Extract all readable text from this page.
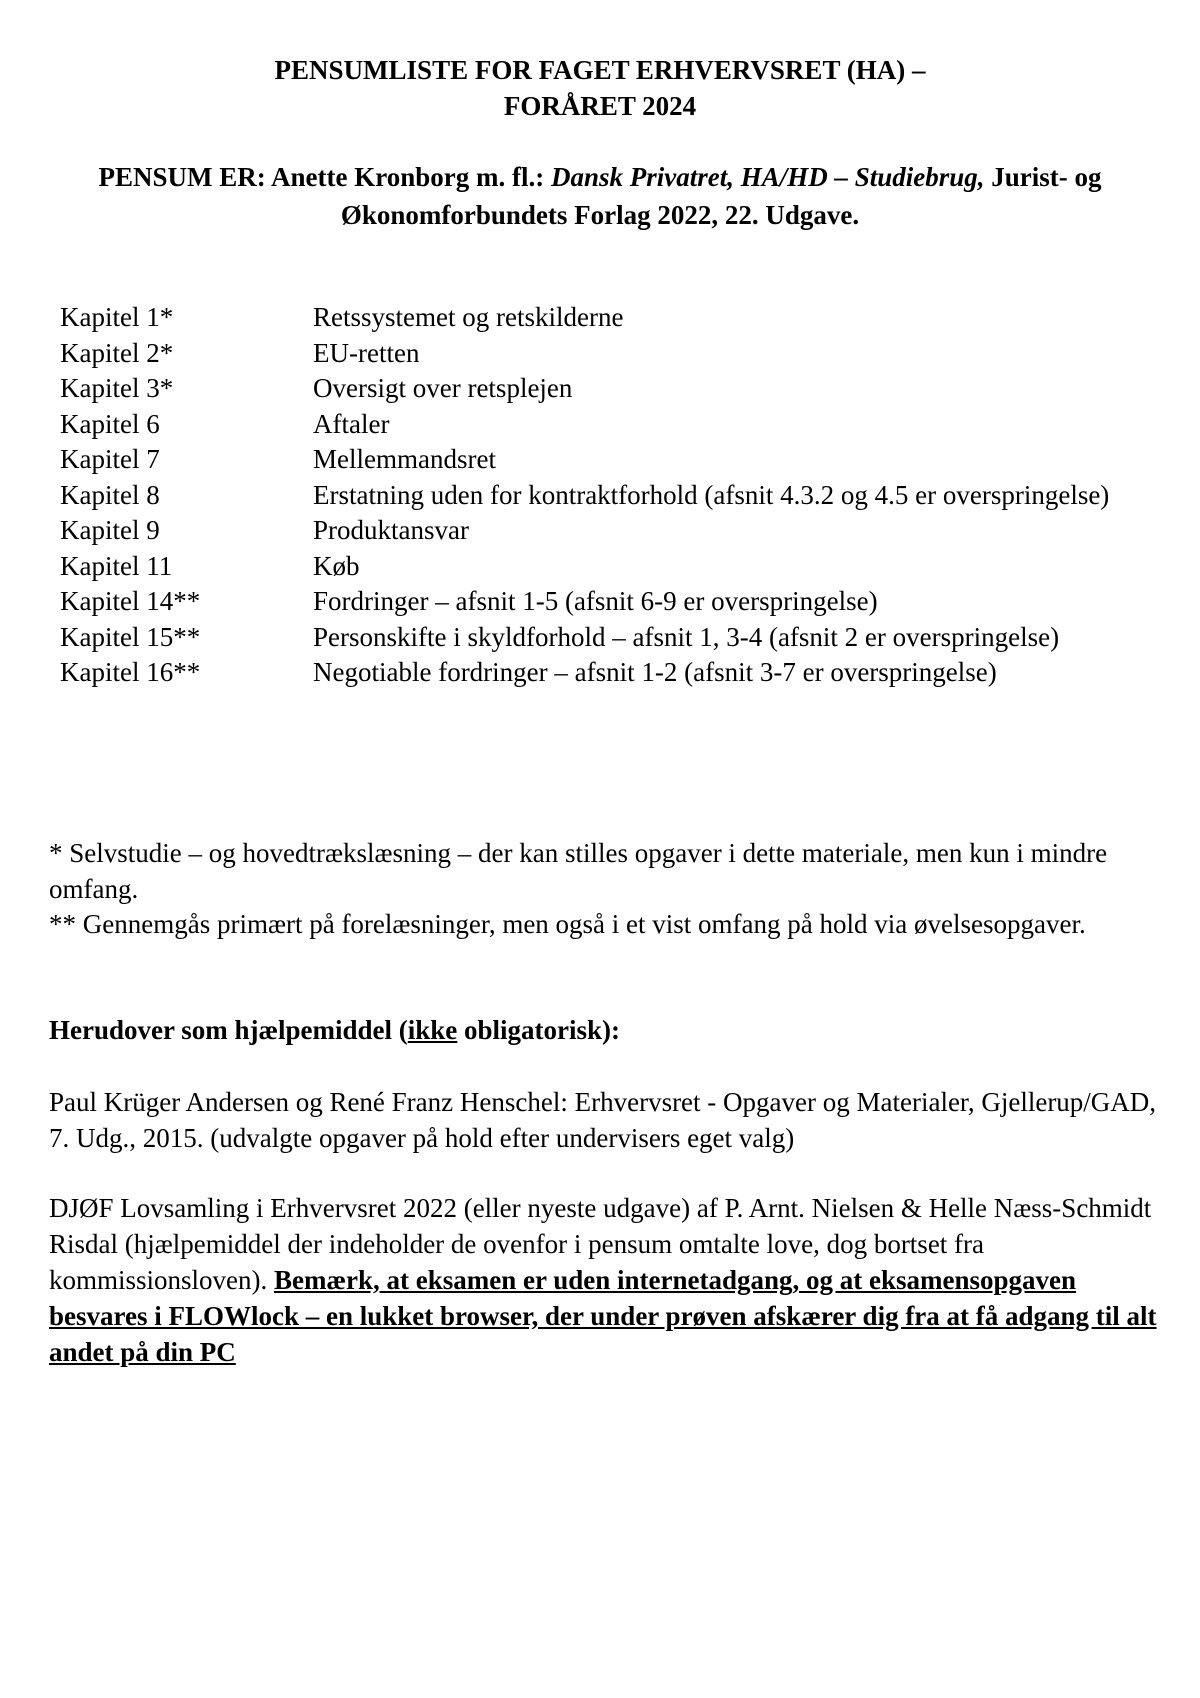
PENSUMLISTE FOR FAGET ERHVERVSRET (HA) –
FORÅRET 2024
PENSUM ER: Anette Kronborg m. fl.: Dansk Privatret, HA/HD – Studiebrug, Jurist- og Økonomforbundets Forlag 2022, 22. Udgave.
Kapitel 1*	Retssystemet og retskilderne
Kapitel 2*	EU-retten
Kapitel 3*	Oversigt over retsplejen
Kapitel 6	Aftaler
Kapitel 7	Mellemmandsret
Kapitel 8	Erstatning uden for kontraktforhold (afsnit 4.3.2 og 4.5 er overspringelse)
Kapitel 9	Produktansvar
Kapitel 11	Køb
Kapitel 14**	Fordringer – afsnit 1-5 (afsnit 6-9 er overspringelse)
Kapitel 15**	Personskifte i skyldforhold – afsnit 1, 3-4 (afsnit 2 er overspringelse)
Kapitel 16**	Negotiable fordringer – afsnit 1-2 (afsnit 3-7 er overspringelse)

* Selvstudie – og hovedtrækslæsning – der kan stilles opgaver i dette materiale, men kun i mindre omfang.

** Gennemgås primært på forelæsninger, men også i et vist omfang på hold via øvelsesopgaver.

Herudover som hjælpemiddel (ikke obligatorisk):
Paul Krüger Andersen og René Franz Henschel: Erhvervsret - Opgaver og Materialer, Gjellerup/GAD, 7. Udg., 2015. (udvalgte opgaver på hold efter undervisers eget valg)
DJØF Lovsamling i Erhvervsret 2022 (eller nyeste udgave) af P. Arnt. Nielsen & Helle Næss-Schmidt Risdal (hjælpemiddel der indeholder de ovenfor i pensum omtalte love, dog bortset fra kommissionsloven). Bemærk, at eksamen er uden internetadgang, og at eksamensopgaven besvares i FLOWlock – en lukket browser, der under prøven afskærer dig fra at få adgang til alt andet på din PC
